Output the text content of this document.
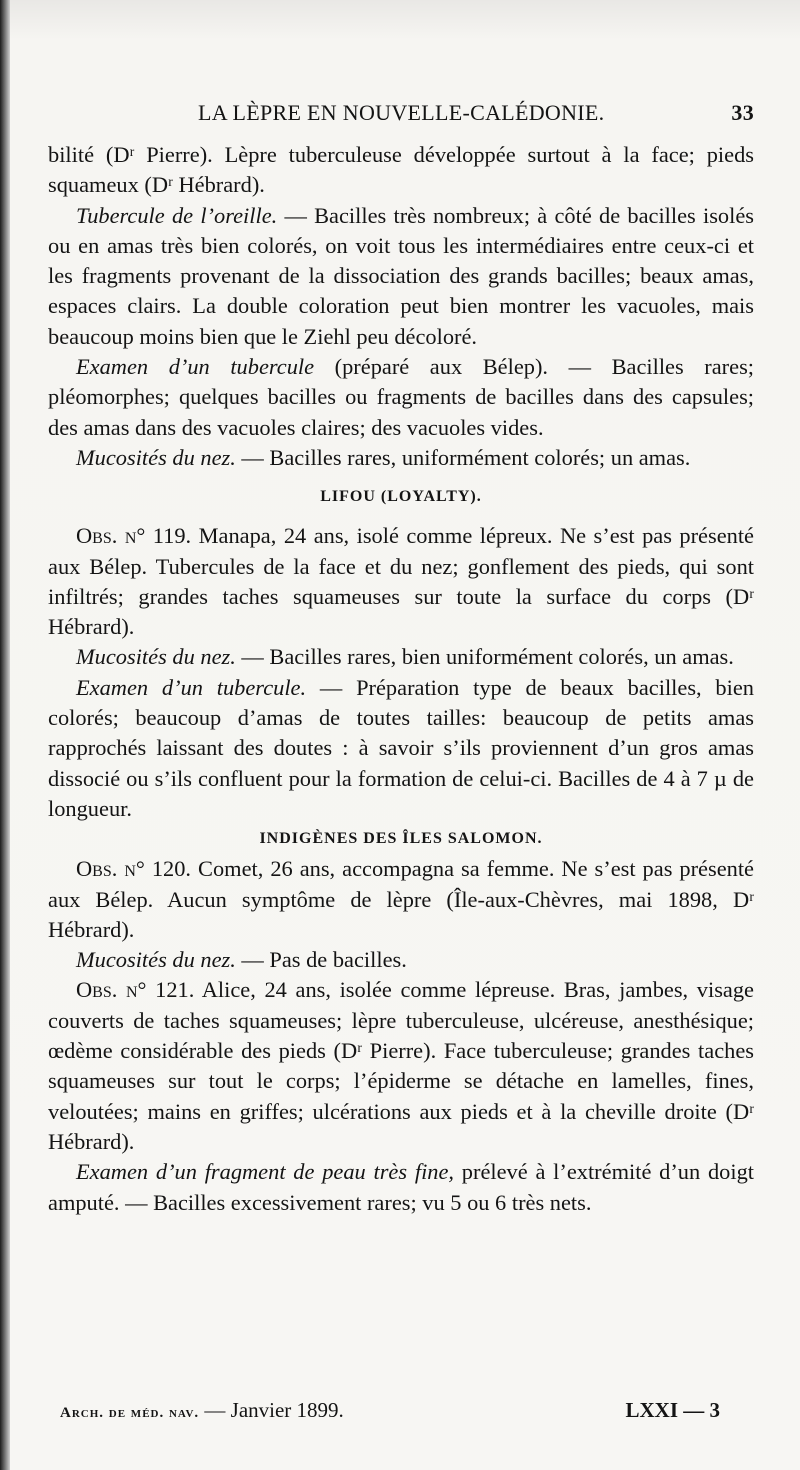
LA LÈPRE EN NOUVELLE-CALÉDONIE.	33

bilité (Dʳ Pierre). Lèpre tuberculeuse développée surtout à la face; pieds squameux (Dʳ Hébrard).

Tubercule de l’oreille. — Bacilles très nombreux; à côté de bacilles isolés ou en amas très bien colorés, on voit tous les intermédiaires entre ceux-ci et les fragments provenant de la dissociation des grands bacilles; beaux amas, espaces clairs. La double coloration peut bien montrer les vacuoles, mais beaucoup moins bien que le Ziehl peu décoloré.

Examen d’un tubercule (préparé aux Bélep). — Bacilles rares; pléomorphes; quelques bacilles ou fragments de bacilles dans des capsules; des amas dans des vacuoles claires; des vacuoles vides.

Mucosités du nez. — Bacilles rares, uniformément colorés; un amas.

LIFOU (LOYALTY).

Obs. n° 119. Manapa, 24 ans, isolé comme lépreux. Ne s’est pas présenté aux Bélep. Tubercules de la face et du nez; gonflement des pieds, qui sont infiltrés; grandes taches squameuses sur toute la surface du corps (Dʳ Hébrard).

Mucosités du nez. — Bacilles rares, bien uniformément colorés, un amas.

Examen d’un tubercule. — Préparation type de beaux bacilles, bien colorés; beaucoup d’amas de toutes tailles: beaucoup de petits amas rapprochés laissant des doutes : à savoir s’ils proviennent d’un gros amas dissocié ou s’ils confluent pour la formation de celui-ci. Bacilles de 4 à 7 µ de longueur.

INDIGÈNES DES ÎLES SALOMON.

Obs. n° 120. Comet, 26 ans, accompagna sa femme. Ne s’est pas présenté aux Bélep. Aucun symptôme de lèpre (Île-aux-Chèvres, mai 1898, Dʳ Hébrard).

Mucosités du nez. — Pas de bacilles.

Obs. n° 121. Alice, 24 ans, isolée comme lépreuse. Bras, jambes, visage couverts de taches squameuses; lèpre tuberculeuse, ulcéreuse, anesthésique; œdème considérable des pieds (Dʳ Pierre). Face tuberculeuse; grandes taches squameuses sur tout le corps; l’épiderme se détache en lamelles, fines, veloutées; mains en griffes; ulcérations aux pieds et à la cheville droite (Dʳ Hébrard).

Examen d’un fragment de peau très fine, prélevé à l’extrémité d’un doigt amputé. — Bacilles excessivement rares; vu 5 ou 6 très nets.

Arch. de méd. nav. — Janvier 1899.	LXXI — 3
